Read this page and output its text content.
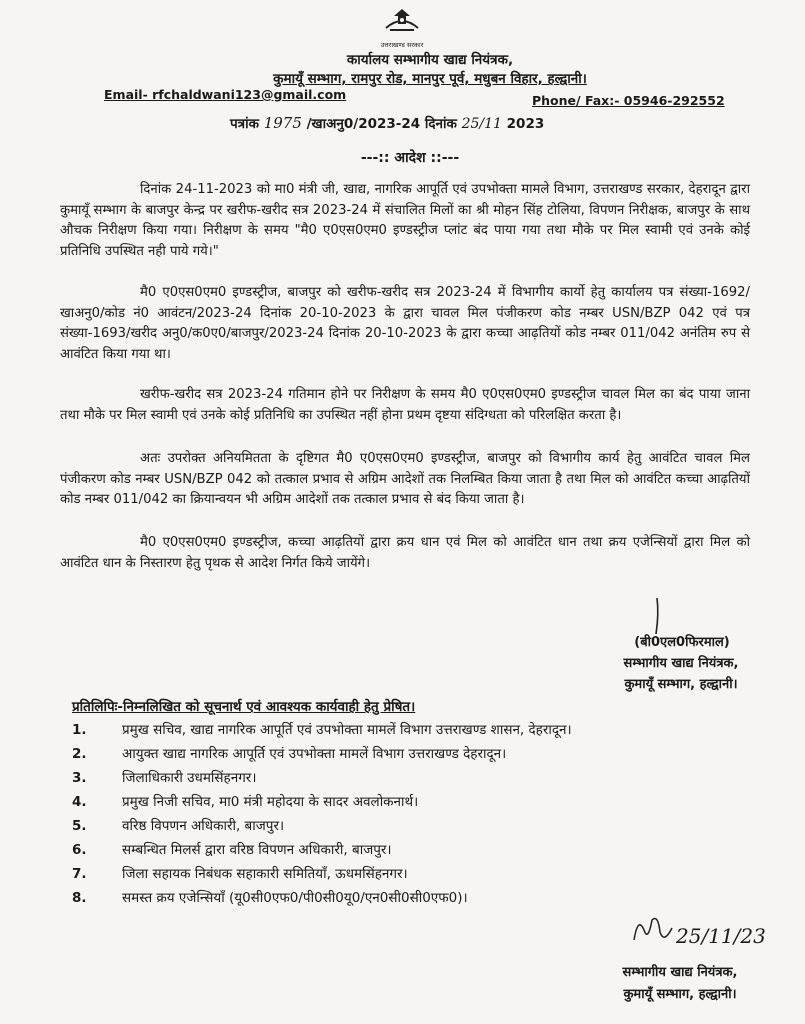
उत्तराखण्ड सरकार
कार्यालय सम्भागीय खाद्य नियंत्रक,
कुमायूँ सम्भाग, रामपुर रोड, मानपुर पूर्व, मधुबन विहार, हल्द्वानी।
Email- rfchaldwani123@gmail.com	Phone/ Fax:- 05946-292552
पत्रांक 1975 /खाअनु0/2023-24 दिनांक 25/11 2023
---:: आदेश ::---
दिनांक 24-11-2023 को मा0 मंत्री जी, खाद्य, नागरिक आपूर्ति एवं उपभोक्ता मामले विभाग, उत्तराखण्ड सरकार, देहरादून द्वारा कुमायूँ सम्भाग के बाजपुर केन्द्र पर खरीफ-खरीद सत्र 2023-24 में संचालित मिलों का श्री मोहन सिंह टोलिया, विपणन निरीक्षक, बाजपुर के साथ औचक निरीक्षण किया गया। निरीक्षण के समय "मै0 ए0एस0एम0 इण्डस्ट्रीज प्लांट बंद पाया गया तथा मौके पर मिल स्वामी एवं उनके कोई प्रतिनिधि उपस्थित नही पाये गये।"
मै0 ए0एस0एम0 इण्डस्ट्रीज, बाजपुर को खरीफ-खरीद सत्र 2023-24 में विभागीय कार्यो हेतु कार्यालय पत्र संख्या-1692/खाअनु0/कोड नं0 आवंटन/2023-24 दिनांक 20-10-2023 के द्वारा चावल मिल पंजीकरण कोड नम्बर USN/BZP 042 एवं पत्र संख्या-1693/खरीद अनु0/क0ए0/बाजपुर/2023-24 दिनांक 20-10-2023 के द्वारा कच्चा आढ़तियों कोड नम्बर 011/042 अनंतिम रुप से आवंटित किया गया था।
खरीफ-खरीद सत्र 2023-24 गतिमान होने पर निरीक्षण के समय मै0 ए0एस0एम0 इण्डस्ट्रीज चावल मिल का बंद पाया जाना तथा मौके पर मिल स्वामी एवं उनके कोई प्रतिनिधि का उपस्थित नहीं होना प्रथम दृष्टया संदिग्धता को परिलक्षित करता है।
अतः उपरोक्त अनियमितता के दृष्टिगत मै0 ए0एस0एम0 इण्डस्ट्रीज, बाजपुर को विभागीय कार्य हेतु आवंटित चावल मिल पंजीकरण कोड नम्बर USN/BZP 042 को तत्काल प्रभाव से अग्रिम आदेशों तक निलम्बित किया जाता है तथा मिल को आवंटित कच्चा आढ़तियों कोड नम्बर 011/042 का क्रियान्वयन भी अग्रिम आदेशों तक तत्काल प्रभाव से बंद किया जाता है।
मै0 ए0एस0एम0 इण्डस्ट्रीज, कच्चा आढ़तियों द्वारा क्रय धान एवं मिल को आवंटित धान तथा क्रय एजेन्सियों द्वारा मिल को आवंटित धान के निस्तारण हेतु पृथक से आदेश निर्गत किये जायेंगे।
(बी0एल0फिरमाल)
सम्भागीय खाद्य नियंत्रक,
कुमायूँ सम्भाग, हल्द्वानी।
प्रतिलिपिः-निम्नलिखित को सूचनार्थ एवं आवश्यक कार्यवाही हेतु प्रेषित।
1.	प्रमुख सचिव, खाद्य नागरिक आपूर्ति एवं उपभोक्ता मामलें विभाग उत्तराखण्ड शासन, देहरादून।
2.	आयुक्त खाद्य नागरिक आपूर्ति एवं उपभोक्ता मामलें विभाग उत्तराखण्ड देहरादून।
3.	जिलाधिकारी उधमसिंहनगर।
4.	प्रमुख निजी सचिव, मा0 मंत्री महोदया के सादर अवलोकनार्थ।
5.	वरिष्ठ विपणन अधिकारी, बाजपुर।
6.	सम्बन्धित मिलर्स द्वारा वरिष्ठ विपणन अधिकारी, बाजपुर।
7.	जिला सहायक निबंधक सहाकारी समितियाँ, ऊधमसिंहनगर।
8.	समस्त क्रय एजेन्सियाँ (यू0सी0एफ0/पी0सी0यू0/एन0सी0सी0एफ0)।
25/11/23
सम्भागीय खाद्य नियंत्रक,
कुमायूँ सम्भाग, हल्द्वानी।
